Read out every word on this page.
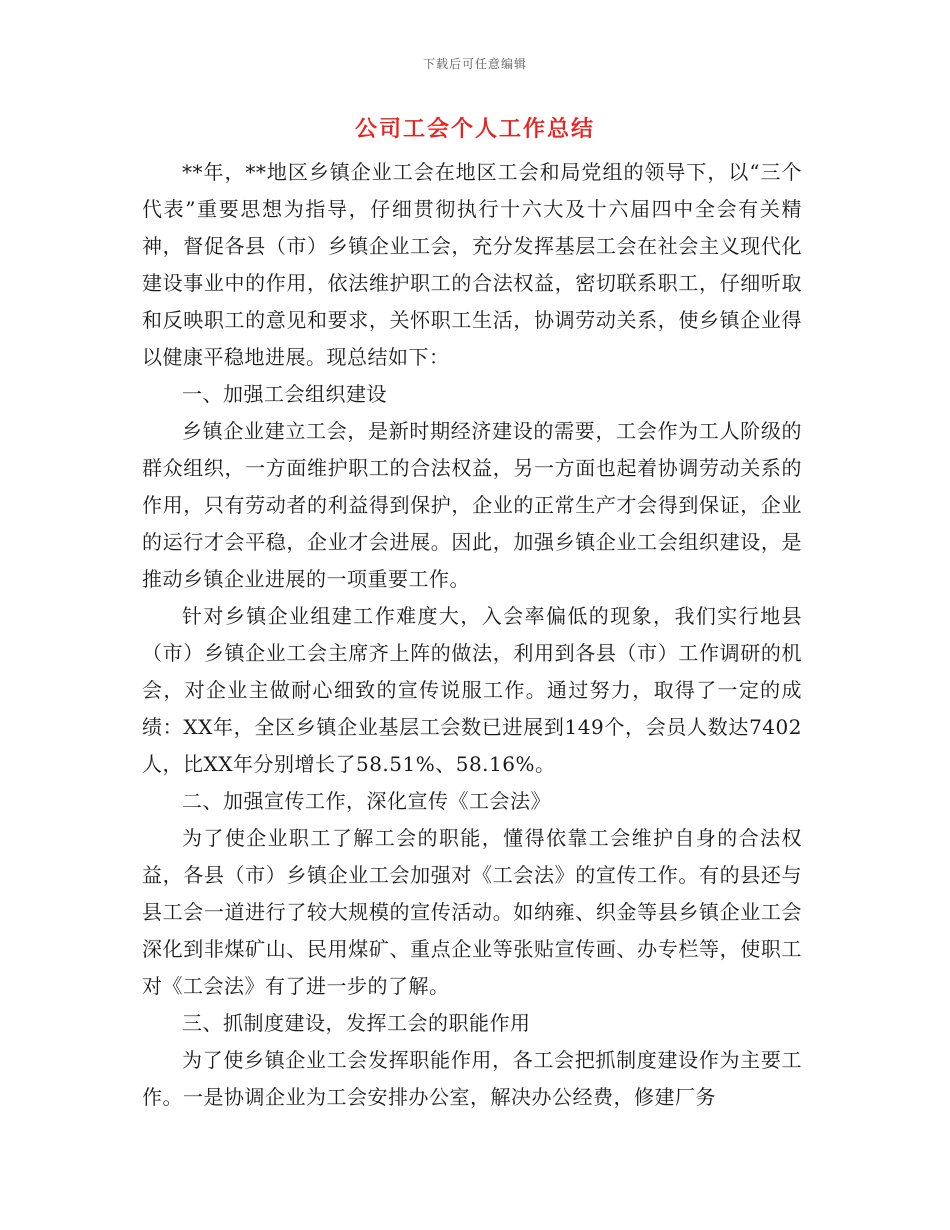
下载后可任意编辑
公司工会个人工作总结

**年，**地区乡镇企业工会在地区工会和局党组的领导下，以“三个代表”重要思想为指导，仔细贯彻执行十六大及十六届四中全会有关精神，督促各县（市）乡镇企业工会，充分发挥基层工会在社会主义现代化建设事业中的作用，依法维护职工的合法权益，密切联系职工，仔细听取和反映职工的意见和要求，关怀职工生活，协调劳动关系，使乡镇企业得以健康平稳地进展。现总结如下：

一、加强工会组织建设

乡镇企业建立工会，是新时期经济建设的需要，工会作为工人阶级的群众组织，一方面维护职工的合法权益，另一方面也起着协调劳动关系的作用，只有劳动者的利益得到保护，企业的正常生产才会得到保证，企业的运行才会平稳，企业才会进展。因此，加强乡镇企业工会组织建设，是推动乡镇企业进展的一项重要工作。

针对乡镇企业组建工作难度大，入会率偏低的现象，我们实行地县（市）乡镇企业工会主席齐上阵的做法，利用到各县（市）工作调研的机会，对企业主做耐心细致的宣传说服工作。通过努力，取得了一定的成绩：XX年，全区乡镇企业基层工会数已进展到149个，会员人数达7402人，比XX年分别增长了58.51%、58.16%。

二、加强宣传工作，深化宣传《工会法》

为了使企业职工了解工会的职能，懂得依靠工会维护自身的合法权益，各县（市）乡镇企业工会加强对《工会法》的宣传工作。有的县还与县工会一道进行了较大规模的宣传活动。如纳雍、织金等县乡镇企业工会深化到非煤矿山、民用煤矿、重点企业等张贴宣传画、办专栏等，使职工对《工会法》有了进一步的了解。

三、抓制度建设，发挥工会的职能作用

为了使乡镇企业工会发挥职能作用，各工会把抓制度建设作为主要工作。一是协调企业为工会安排办公室，解决办公经费，修建厂务
